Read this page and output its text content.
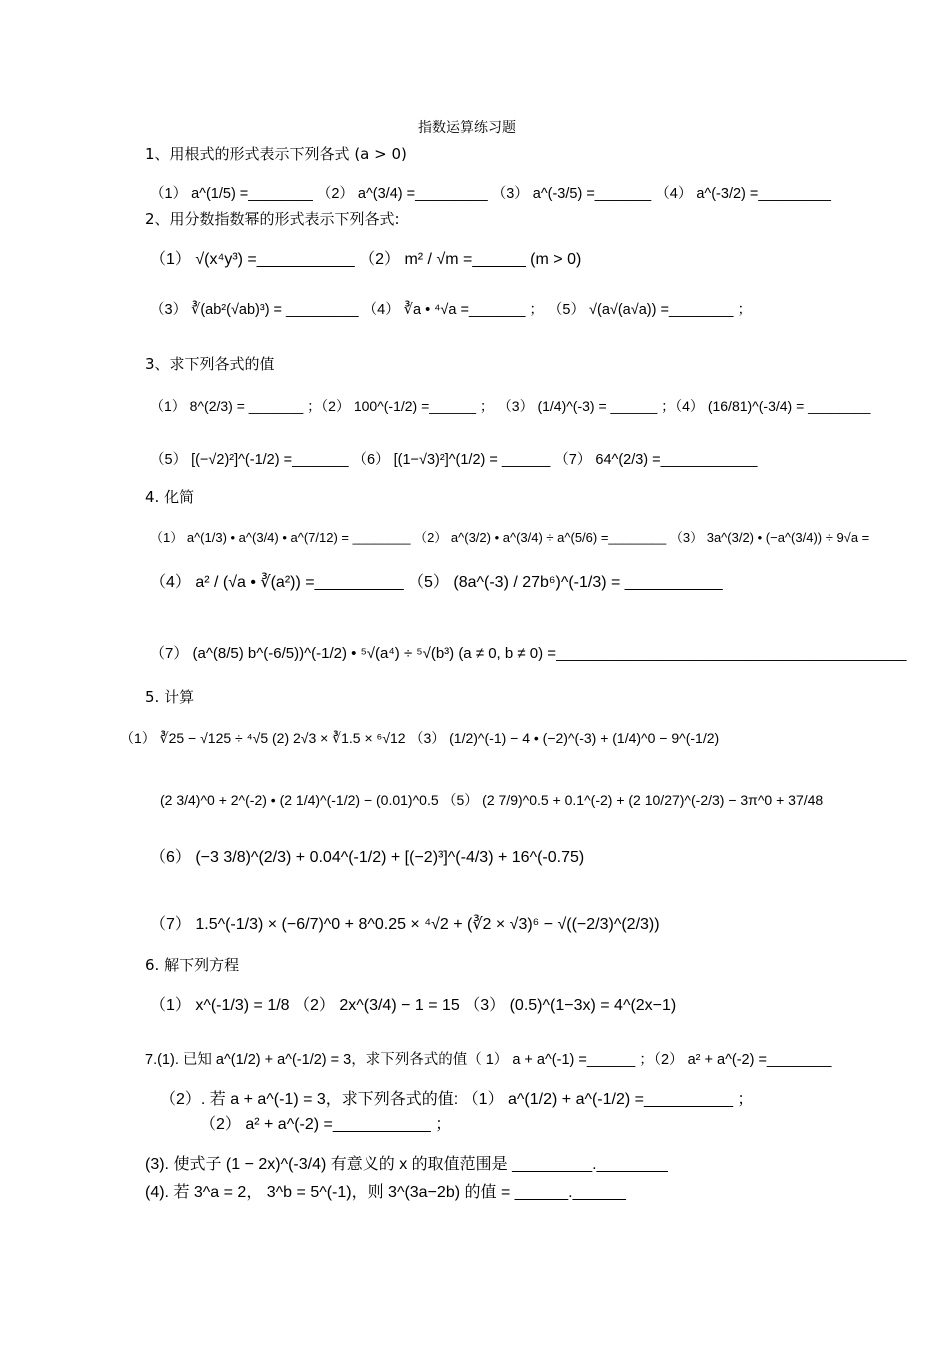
指数运算练习题
1、用根式的形式表示下列各式 (a > 0)
（1） a^(1/5) =________ （2） a^(3/4) =_________ （3） a^(-3/5) =_______ （4） a^(-3/2) =_________
2、用分数指数幂的形式表示下列各式:
（1） √(x⁴y³) =___________ （2） m² / √m =______ (m > 0)
（3） ∛(ab²(√ab)³) = _________ （4） ∛a • ⁴√a =_______ ； （5） √(a√(a√a)) =________ ；
3、求下列各式的值
（1） 8^(2/3) = _______ ；（2） 100^(-1/2) =______ ； （3） (1/4)^(-3) = ______ ；（4） (16/81)^(-3/4) = ________
（5） [(−√2)²]^(-1/2) =_______ （6） [(1−√3)²]^(1/2) = ______ （7） 64^(2/3) =____________
4. 化简
（1） a^(1/3) • a^(3/4) • a^(7/12) = ________ （2） a^(3/2) • a^(3/4) ÷ a^(5/6) =________ （3） 3a^(3/2) • (−a^(3/4)) ÷ 9√a =
（4） a² / (√a • ∛(a²)) =__________ （5） (8a^(-3) / 27b⁶)^(-1/3) = ___________
（7） (a^(8/5) b^(-6/5))^(-1/2) • ⁵√(a⁴) ÷ ⁵√(b³) (a ≠ 0, b ≠ 0) =__________________________________________
5. 计算
（1） ∛25 − √125 ÷ ⁴√5 (2) 2√3 × ∛1.5 × ⁶√12 （3） (1/2)^(-1) − 4 • (−2)^(-3) + (1/4)^0 − 9^(-1/2)
(2 3/4)^0 + 2^(-2) • (2 1/4)^(-1/2) − (0.01)^0.5 （5） (2 7/9)^0.5 + 0.1^(-2) + (2 10/27)^(-2/3) − 3π^0 + 37/48
（6） (−3 3/8)^(2/3) + 0.04^(-1/2) + [(−2)³]^(-4/3) + 16^(-0.75)
（7） 1.5^(-1/3) × (−6/7)^0 + 8^0.25 × ⁴√2 + (∛2 × √3)⁶ − √((−2/3)^(2/3))
6. 解下列方程
（1） x^(-1/3) = 1/8 （2） 2x^(3/4) − 1 = 15 （3） (0.5)^(1−3x) = 4^(2x−1)
7.(1). 已知 a^(1/2) + a^(-1/2) = 3，求下列各式的值（ 1） a + a^(-1) =______ ；（2） a² + a^(-2) =________
（2）. 若 a + a^(-1) = 3，求下列各式的值: （1） a^(1/2) + a^(-1/2) =__________ ；
（2） a² + a^(-2) =___________ ；
(3). 使式子 (1 − 2x)^(-3/4) 有意义的 x 的取值范围是 _________.________
(4). 若 3^a = 2， 3^b = 5^(-1)，则 3^(3a−2b) 的值 = ______.______
